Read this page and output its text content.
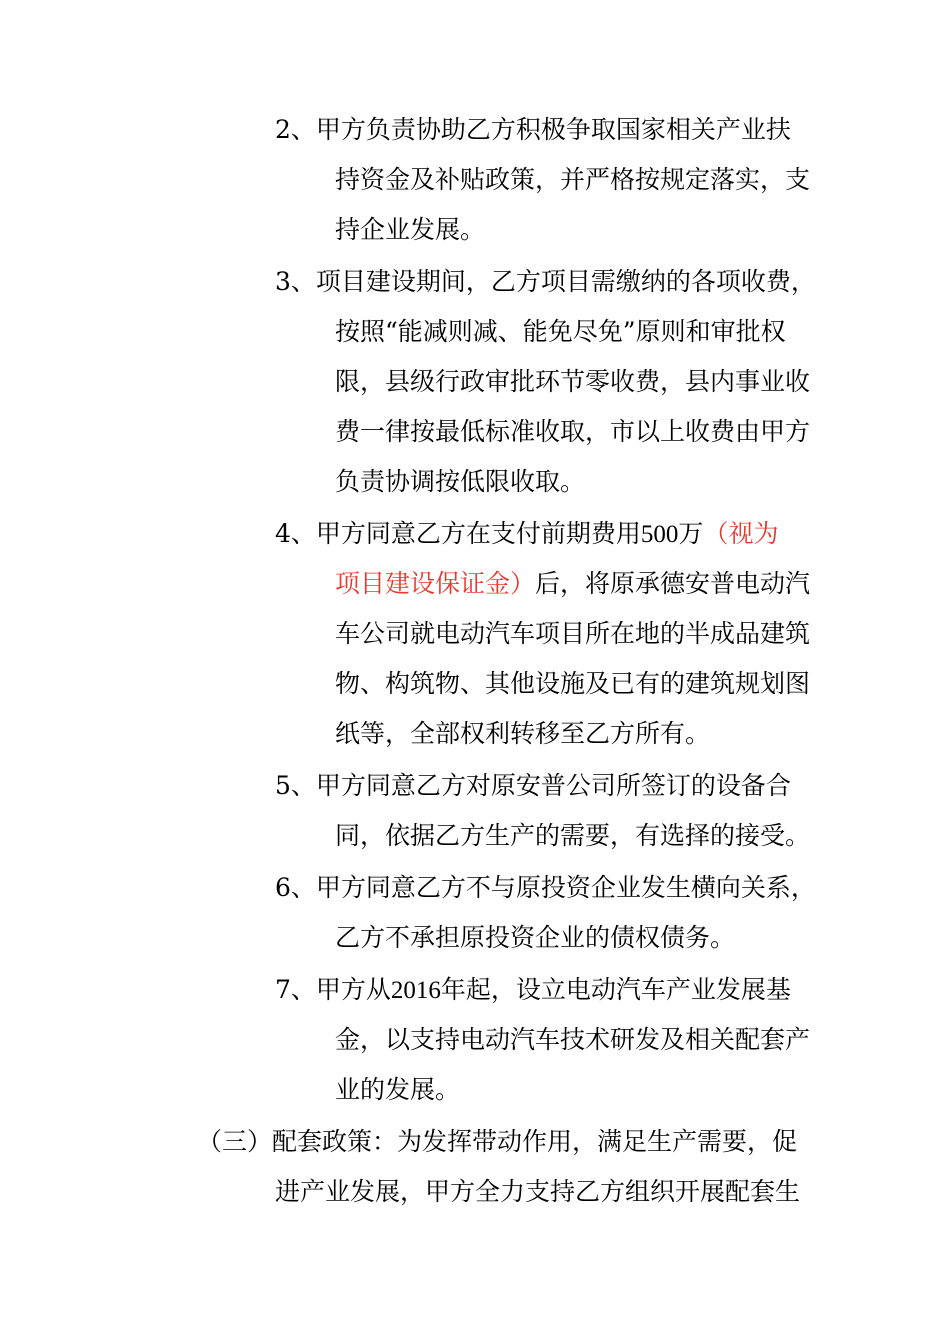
2、甲方负责协助乙方积极争取国家相关产业扶
持资金及补贴政策，并严格按规定落实，支
持企业发展。
3、项目建设期间，乙方项目需缴纳的各项收费，
按照“能减则减、能免尽免”原则和审批权
限，县级行政审批环节零收费，县内事业收
费一律按最低标准收取，市以上收费由甲方
负责协调按低限收取。
4、甲方同意乙方在支付前期费用500万（视为
项目建设保证金）后，将原承德安普电动汽
车公司就电动汽车项目所在地的半成品建筑
物、构筑物、其他设施及已有的建筑规划图
纸等，全部权利转移至乙方所有。
5、甲方同意乙方对原安普公司所签订的设备合
同，依据乙方生产的需要，有选择的接受。
6、甲方同意乙方不与原投资企业发生横向关系，
乙方不承担原投资企业的债权债务。
7、甲方从2016年起，设立电动汽车产业发展基
金，以支持电动汽车技术研发及相关配套产
业的发展。
（三）配套政策：为发挥带动作用，满足生产需要，促
进产业发展，甲方全力支持乙方组织开展配套生
